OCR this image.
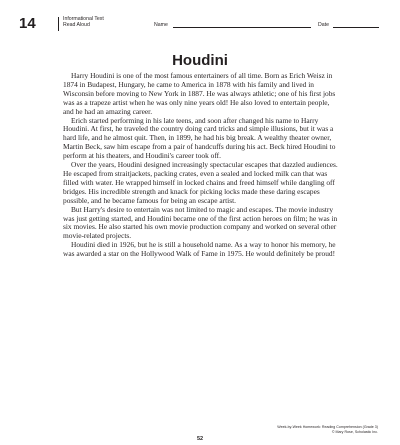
14	Informational Text
Read Aloud	Name	Date
Houdini

Harry Houdini is one of the most famous entertainers of all time. Born as Erich Weisz in 1874 in Budapest, Hungary, he came to America in 1878 with his family and lived in Wisconsin before moving to New York in 1887. He was always athletic; one of his first jobs was as a trapeze artist when he was only nine years old! He also loved to entertain people, and he had an amazing career.

Erich started performing in his late teens, and soon after changed his name to Harry Houdini. At first, he traveled the country doing card tricks and simple illusions, but it was a hard life, and he almost quit. Then, in 1899, he had his big break. A wealthy theater owner, Martin Beck, saw him escape from a pair of handcuffs during his act. Beck hired Houdini to perform at his theaters, and Houdini's career took off.

Over the years, Houdini designed increasingly spectacular escapes that dazzled audiences. He escaped from straitjackets, packing crates, even a sealed and locked milk can that was filled with water. He wrapped himself in locked chains and freed himself while dangling off bridges. His incredible strength and knack for picking locks made these daring escapes possible, and he became famous for being an escape artist.

But Harry's desire to entertain was not limited to magic and escapes. The movie industry was just getting started, and Houdini became one of the first action heroes on film; he was in six movies. He also started his own movie production company and worked on several other movie-related projects.

Houdini died in 1926, but he is still a household name. As a way to honor his memory, he was awarded a star on the Hollywood Walk of Fame in 1975. He would definitely be proud!

Week-by-Week Homework: Reading Comprehension (Grade 3)
© Mary Rose, Scholastic Inc.
52
